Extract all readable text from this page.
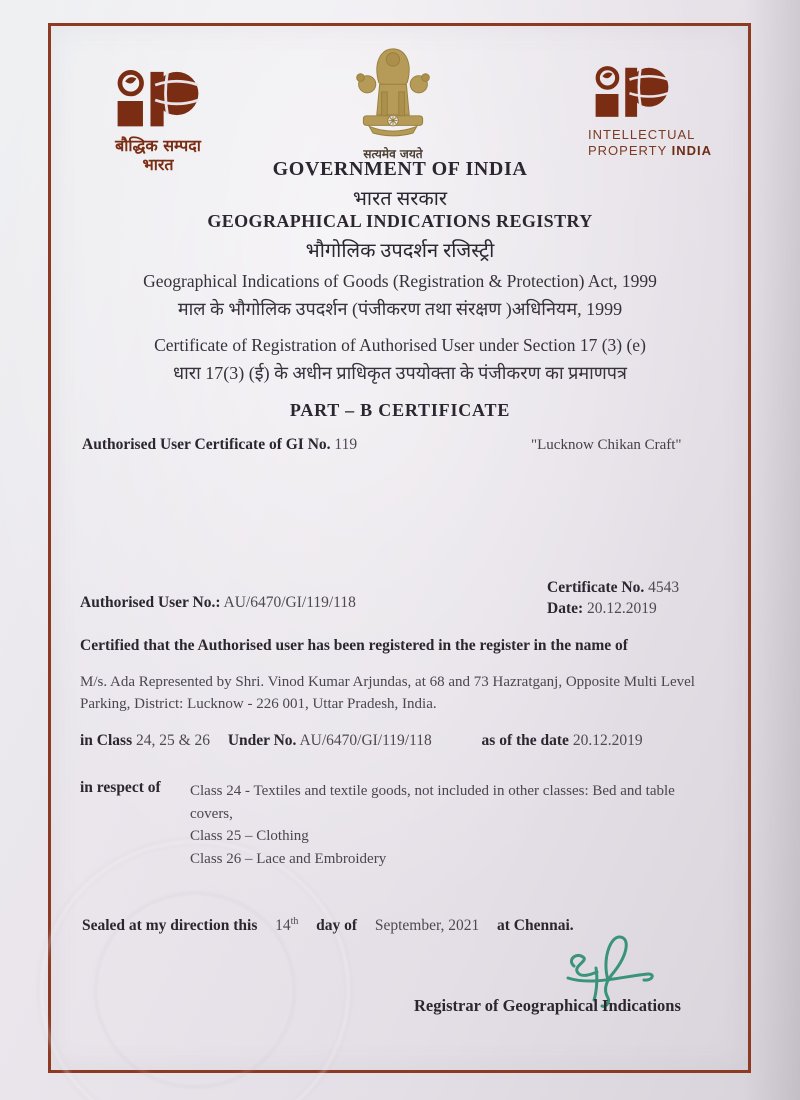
बौद्धिक सम्पदा
भारत
सत्यमेव जयते
INTELLECTUAL
PROPERTY INDIA
GOVERNMENT OF INDIA
भारत सरकार
GEOGRAPHICAL INDICATIONS REGISTRY
भौगोलिक उपदर्शन रजिस्ट्री
Geographical Indications of Goods (Registration & Protection) Act, 1999
माल के भौगोलिक उपदर्शन (पंजीकरण तथा संरक्षण )अधिनियम, 1999
Certificate of Registration of Authorised User under Section 17 (3) (e)
धारा 17(3) (ई) के अधीन प्राधिकृत उपयोक्ता के पंजीकरण का प्रमाणपत्र
PART – B CERTIFICATE
Authorised User Certificate of GI No. 119	"Lucknow Chikan Craft"
Certificate No. 4543
Date: 20.12.2019
Authorised User No.: AU/6470/GI/119/118
Certified that the Authorised user has been registered in the register in the name of
M/s. Ada Represented by Shri. Vinod Kumar Arjundas, at 68 and 73 Hazratganj, Opposite Multi Level Parking, District: Lucknow - 226 001, Uttar Pradesh, India.
in Class 24, 25 & 26 Under No. AU/6470/GI/119/118	as of the date 20.12.2019
in respect of Class 24 - Textiles and textile goods, not included in other classes: Bed and table covers,
Class 25 – Clothing
Class 26 – Lace and Embroidery
Sealed at my direction this 14th day of September, 2021 at Chennai.
Registrar of Geographical Indications
